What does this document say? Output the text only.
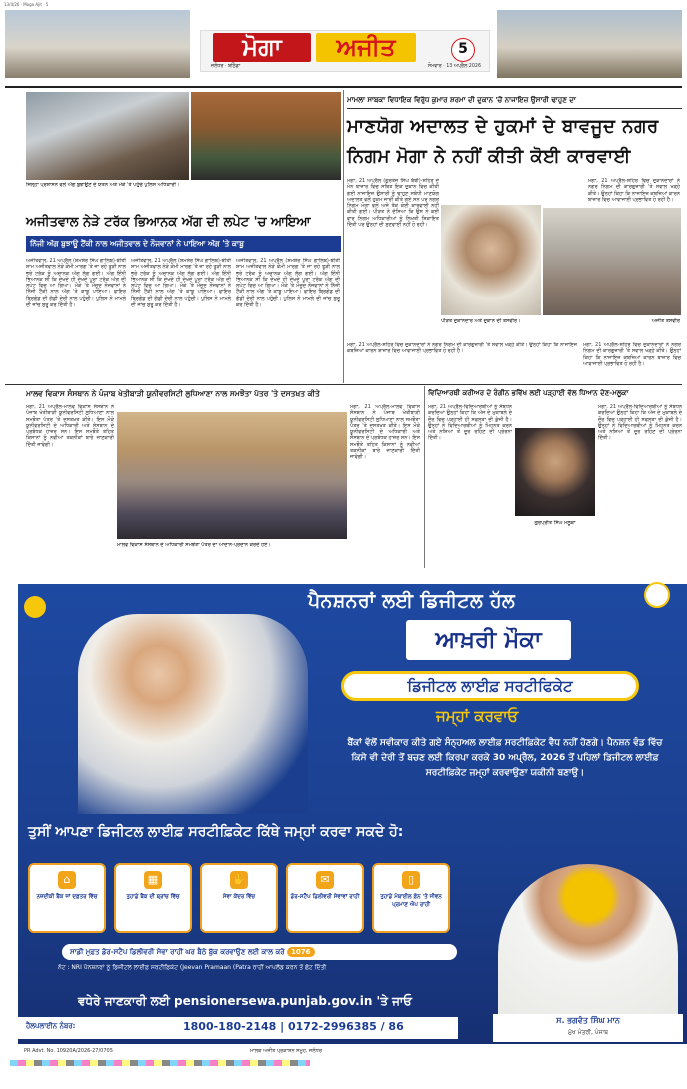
13/4/26 · Moga Ajit · 5
ਮੋਗਾ	ਅਜੀਤ	5
ਜਲੰਧਰ · ਬਠਿੰਡਾ	ਸੋਮਵਾਰ · 13 ਅਪ੍ਰੈਲ 2026
ਜ਼ਿਲ੍ਹਾ ਪ੍ਰਸ਼ਾਸਨ ਵਲੋਂ ਅੱਗ ਬੁਝਾਉਣ ਦੇ ਯਤਨ ਅਤੇ ਮੌਕੇ 'ਤੇ ਪਹੁੰਚੇ ਪੁਲਿਸ ਅਧਿਕਾਰੀ।
ਮਾਮਲਾ ਸਾਬਕਾ ਵਿਧਾਇਕ ਵਿਰੁੱਧ ਕੁਮਾਰ ਸ਼ਰਮਾ ਦੀ ਦੁਕਾਨ 'ਚੋਂ ਨਾਜਾਇਜ਼ ਉਸਾਰੀ ਢਾਹੁਣ ਦਾ
ਮਾਣਯੋਗ ਅਦਾਲਤ ਦੇ ਹੁਕਮਾਂ ਦੇ ਬਾਵਜੂਦ ਨਗਰ
ਨਿਗਮ ਮੋਗਾ ਨੇ ਨਹੀਂ ਕੀਤੀ ਕੋਈ ਕਾਰਵਾਈ
ਮੋਗਾ, 21 ਅਪ੍ਰੈਲ (ਗੁਰਤੇਜ ਸਿੰਘ ਬੱਬੀ)-ਸ਼ਹਿਰ ਦੇ ਮੇਨ ਬਾਜ਼ਾਰ ਵਿਚ ਸਥਿਤ ਇਕ ਦੁਕਾਨ ਵਿਚ ਕੀਤੀ ਗਈ ਨਾਜਾਇਜ਼ ਉਸਾਰੀ ਨੂੰ ਢਾਹੁਣ ਸਬੰਧੀ ਮਾਣਯੋਗ ਅਦਾਲਤ ਵਲੋਂ ਹੁਕਮ ਜਾਰੀ ਕੀਤੇ ਗਏ ਸਨ ਪਰ ਨਗਰ ਨਿਗਮ ਮੋਗਾ ਵਲੋਂ ਅਜੇ ਤੱਕ ਕੋਈ ਕਾਰਵਾਈ ਨਹੀਂ ਕੀਤੀ ਗਈ। ਪੀੜਤ ਨੇ ਦੱਸਿਆ ਕਿ ਉਸ ਨੇ ਕਈ ਵਾਰ ਨਿਗਮ ਅਧਿਕਾਰੀਆਂ ਨੂੰ ਲਿਖਤੀ ਸ਼ਿਕਾਇਤ ਦਿੱਤੀ ਪਰ ਉਨ੍ਹਾਂ ਦੀ ਸੁਣਵਾਈ ਨਹੀਂ ਹੋ ਰਹੀ।
ਮੋਗਾ, 21 ਅਪ੍ਰੈਲ-ਸ਼ਹਿਰ ਵਿਚ ਦੁਕਾਨਦਾਰਾਂ ਨੇ ਨਗਰ ਨਿਗਮ ਦੀ ਕਾਰਗੁਜ਼ਾਰੀ 'ਤੇ ਸਵਾਲ ਖੜ੍ਹੇ ਕੀਤੇ। ਉਨ੍ਹਾਂ ਕਿਹਾ ਕਿ ਨਾਜਾਇਜ਼ ਕਬਜ਼ਿਆਂ ਕਾਰਨ ਬਾਜ਼ਾਰ ਵਿਚ ਆਵਾਜਾਈ ਪ੍ਰਭਾਵਿਤ ਹੋ ਰਹੀ ਹੈ।
ਪੀੜਤ ਦੁਕਾਨਦਾਰ ਅਤੇ ਦੁਕਾਨ ਦੀ ਤਸਵੀਰ।	ਅਜੀਤ ਤਸਵੀਰ
ਅਜੀਤਵਾਲ ਨੇੜੇ ਟਰੱਕ ਭਿਆਨਕ ਅੱਗ ਦੀ ਲਪੇਟ 'ਚ ਆਇਆ
ਨਿੱਜੀ ਅੱਗ ਬੁਝਾਊ ਟੈਂਕੀ ਨਾਲ ਅਜੀਤਵਾਲ ਦੇ ਨੌਜਵਾਨਾਂ ਨੇ ਪਾਇਆ ਅੱਗ 'ਤੇ ਕਾਬੂ
ਅਜੀਤਵਾਲ, 21 ਅਪ੍ਰੈਲ (ਸ਼ਮਸ਼ੇਰ ਸਿੰਘ ਗਾਲਿਬ)-ਬੀਤੀ ਸ਼ਾਮ ਅਜੀਤਵਾਲ ਨੇੜੇ ਕੌਮੀ ਮਾਰਗ 'ਤੇ ਜਾ ਰਹੇ ਤੂੜੀ ਨਾਲ ਭਰੇ ਟਰੱਕ ਨੂੰ ਅਚਾਨਕ ਅੱਗ ਲੱਗ ਗਈ। ਅੱਗ ਇੰਨੀ ਭਿਆਨਕ ਸੀ ਕਿ ਦੇਖਦੇ ਹੀ ਦੇਖਦੇ ਪੂਰਾ ਟਰੱਕ ਅੱਗ ਦੀ ਲਪੇਟ ਵਿਚ ਆ ਗਿਆ। ਮੌਕੇ 'ਤੇ ਮੌਜੂਦ ਨੌਜਵਾਨਾਂ ਨੇ ਨਿੱਜੀ ਟੈਂਕੀ ਨਾਲ ਅੱਗ 'ਤੇ ਕਾਬੂ ਪਾਇਆ। ਫਾਇਰ ਬ੍ਰਿਗੇਡ ਦੀ ਗੱਡੀ ਦੇਰੀ ਨਾਲ ਪਹੁੰਚੀ। ਪੁਲਿਸ ਨੇ ਮਾਮਲੇ ਦੀ ਜਾਂਚ ਸ਼ੁਰੂ ਕਰ ਦਿੱਤੀ ਹੈ।
ਅਜੀਤਵਾਲ, 21 ਅਪ੍ਰੈਲ (ਸ਼ਮਸ਼ੇਰ ਸਿੰਘ ਗਾਲਿਬ)-ਬੀਤੀ ਸ਼ਾਮ ਅਜੀਤਵਾਲ ਨੇੜੇ ਕੌਮੀ ਮਾਰਗ 'ਤੇ ਜਾ ਰਹੇ ਤੂੜੀ ਨਾਲ ਭਰੇ ਟਰੱਕ ਨੂੰ ਅਚਾਨਕ ਅੱਗ ਲੱਗ ਗਈ। ਅੱਗ ਇੰਨੀ ਭਿਆਨਕ ਸੀ ਕਿ ਦੇਖਦੇ ਹੀ ਦੇਖਦੇ ਪੂਰਾ ਟਰੱਕ ਅੱਗ ਦੀ ਲਪੇਟ ਵਿਚ ਆ ਗਿਆ। ਮੌਕੇ 'ਤੇ ਮੌਜੂਦ ਨੌਜਵਾਨਾਂ ਨੇ ਨਿੱਜੀ ਟੈਂਕੀ ਨਾਲ ਅੱਗ 'ਤੇ ਕਾਬੂ ਪਾਇਆ। ਫਾਇਰ ਬ੍ਰਿਗੇਡ ਦੀ ਗੱਡੀ ਦੇਰੀ ਨਾਲ ਪਹੁੰਚੀ। ਪੁਲਿਸ ਨੇ ਮਾਮਲੇ ਦੀ ਜਾਂਚ ਸ਼ੁਰੂ ਕਰ ਦਿੱਤੀ ਹੈ।
ਅਜੀਤਵਾਲ, 21 ਅਪ੍ਰੈਲ (ਸ਼ਮਸ਼ੇਰ ਸਿੰਘ ਗਾਲਿਬ)-ਬੀਤੀ ਸ਼ਾਮ ਅਜੀਤਵਾਲ ਨੇੜੇ ਕੌਮੀ ਮਾਰਗ 'ਤੇ ਜਾ ਰਹੇ ਤੂੜੀ ਨਾਲ ਭਰੇ ਟਰੱਕ ਨੂੰ ਅਚਾਨਕ ਅੱਗ ਲੱਗ ਗਈ। ਅੱਗ ਇੰਨੀ ਭਿਆਨਕ ਸੀ ਕਿ ਦੇਖਦੇ ਹੀ ਦੇਖਦੇ ਪੂਰਾ ਟਰੱਕ ਅੱਗ ਦੀ ਲਪੇਟ ਵਿਚ ਆ ਗਿਆ। ਮੌਕੇ 'ਤੇ ਮੌਜੂਦ ਨੌਜਵਾਨਾਂ ਨੇ ਨਿੱਜੀ ਟੈਂਕੀ ਨਾਲ ਅੱਗ 'ਤੇ ਕਾਬੂ ਪਾਇਆ। ਫਾਇਰ ਬ੍ਰਿਗੇਡ ਦੀ ਗੱਡੀ ਦੇਰੀ ਨਾਲ ਪਹੁੰਚੀ। ਪੁਲਿਸ ਨੇ ਮਾਮਲੇ ਦੀ ਜਾਂਚ ਸ਼ੁਰੂ ਕਰ ਦਿੱਤੀ ਹੈ।
ਮੋਗਾ, 21 ਅਪ੍ਰੈਲ-ਸ਼ਹਿਰ ਵਿਚ ਦੁਕਾਨਦਾਰਾਂ ਨੇ ਨਗਰ ਨਿਗਮ ਦੀ ਕਾਰਗੁਜ਼ਾਰੀ 'ਤੇ ਸਵਾਲ ਖੜ੍ਹੇ ਕੀਤੇ। ਉਨ੍ਹਾਂ ਕਿਹਾ ਕਿ ਨਾਜਾਇਜ਼ ਕਬਜ਼ਿਆਂ ਕਾਰਨ ਬਾਜ਼ਾਰ ਵਿਚ ਆਵਾਜਾਈ ਪ੍ਰਭਾਵਿਤ ਹੋ ਰਹੀ ਹੈ।
ਮੋਗਾ, 21 ਅਪ੍ਰੈਲ-ਸ਼ਹਿਰ ਵਿਚ ਦੁਕਾਨਦਾਰਾਂ ਨੇ ਨਗਰ ਨਿਗਮ ਦੀ ਕਾਰਗੁਜ਼ਾਰੀ 'ਤੇ ਸਵਾਲ ਖੜ੍ਹੇ ਕੀਤੇ। ਉਨ੍ਹਾਂ ਕਿਹਾ ਕਿ ਨਾਜਾਇਜ਼ ਕਬਜ਼ਿਆਂ ਕਾਰਨ ਬਾਜ਼ਾਰ ਵਿਚ ਆਵਾਜਾਈ ਪ੍ਰਭਾਵਿਤ ਹੋ ਰਹੀ ਹੈ।
ਮਾਲਵ ਵਿਕਾਸ ਸੰਸਥਾਨ ਨੇ ਪੰਜਾਬ ਖੇਤੀਬਾੜੀ ਯੂਨੀਵਰਸਿਟੀ ਲੁਧਿਆਣਾ ਨਾਲ ਸਮਝੌਤਾ ਪੱਤਰ 'ਤੇ ਦਸਤਖ਼ਤ ਕੀਤੇ
ਮੋਗਾ, 21 ਅਪ੍ਰੈਲ-ਮਾਲਵ ਵਿਕਾਸ ਸੰਸਥਾਨ ਨੇ ਪੰਜਾਬ ਖੇਤੀਬਾੜੀ ਯੂਨੀਵਰਸਿਟੀ ਲੁਧਿਆਣਾ ਨਾਲ ਸਮਝੌਤਾ ਪੱਤਰ 'ਤੇ ਦਸਤਖ਼ਤ ਕੀਤੇ। ਇਸ ਮੌਕੇ ਯੂਨੀਵਰਸਿਟੀ ਦੇ ਅਧਿਕਾਰੀ ਅਤੇ ਸੰਸਥਾਨ ਦੇ ਪ੍ਰਬੰਧਕ ਹਾਜ਼ਰ ਸਨ। ਇਸ ਸਮਝੌਤੇ ਤਹਿਤ ਕਿਸਾਨਾਂ ਨੂੰ ਨਵੀਆਂ ਤਕਨੀਕਾਂ ਬਾਰੇ ਜਾਣਕਾਰੀ ਦਿੱਤੀ ਜਾਵੇਗੀ।
ਮੋਗਾ, 21 ਅਪ੍ਰੈਲ-ਮਾਲਵ ਵਿਕਾਸ ਸੰਸਥਾਨ ਨੇ ਪੰਜਾਬ ਖੇਤੀਬਾੜੀ ਯੂਨੀਵਰਸਿਟੀ ਲੁਧਿਆਣਾ ਨਾਲ ਸਮਝੌਤਾ ਪੱਤਰ 'ਤੇ ਦਸਤਖ਼ਤ ਕੀਤੇ। ਇਸ ਮੌਕੇ ਯੂਨੀਵਰਸਿਟੀ ਦੇ ਅਧਿਕਾਰੀ ਅਤੇ ਸੰਸਥਾਨ ਦੇ ਪ੍ਰਬੰਧਕ ਹਾਜ਼ਰ ਸਨ। ਇਸ ਸਮਝੌਤੇ ਤਹਿਤ ਕਿਸਾਨਾਂ ਨੂੰ ਨਵੀਆਂ ਤਕਨੀਕਾਂ ਬਾਰੇ ਜਾਣਕਾਰੀ ਦਿੱਤੀ ਜਾਵੇਗੀ।
ਮਾਲਵ ਵਿਕਾਸ ਸੰਸਥਾਨ ਦੇ ਅਧਿਕਾਰੀ ਸਮਝੌਤਾ ਪੱਤਰ ਦਾ ਆਦਾਨ-ਪ੍ਰਦਾਨ ਕਰਦੇ ਹੋਏ।
ਵਿਦਿਆਰਥੀ ਕਰੀਅਰ ਦੇ ਰੰਗੀਨ ਭਵਿੱਖ ਲਈ ਪੜ੍ਹਾਈ ਵੱਲ ਧਿਆਨ ਦੇਣ-ਮਲੂਕਾ
ਮੋਗਾ, 21 ਅਪ੍ਰੈਲ-ਵਿਦਿਆਰਥੀਆਂ ਨੂੰ ਸੰਬੋਧਨ ਕਰਦਿਆਂ ਉਨ੍ਹਾਂ ਕਿਹਾ ਕਿ ਅੱਜ ਦੇ ਮੁਕਾਬਲੇ ਦੇ ਦੌਰ ਵਿਚ ਪੜ੍ਹਾਈ ਹੀ ਸਫਲਤਾ ਦੀ ਕੁੰਜੀ ਹੈ। ਉਨ੍ਹਾਂ ਨੇ ਵਿਦਿਆਰਥੀਆਂ ਨੂੰ ਮਿਹਨਤ ਕਰਨ ਅਤੇ ਨਸ਼ਿਆਂ ਤੋਂ ਦੂਰ ਰਹਿਣ ਦੀ ਪ੍ਰੇਰਨਾ ਦਿੱਤੀ।
ਗੁਰਪ੍ਰੀਤ ਸਿੰਘ ਮਲੂਕਾ
ਮੋਗਾ, 21 ਅਪ੍ਰੈਲ-ਵਿਦਿਆਰਥੀਆਂ ਨੂੰ ਸੰਬੋਧਨ ਕਰਦਿਆਂ ਉਨ੍ਹਾਂ ਕਿਹਾ ਕਿ ਅੱਜ ਦੇ ਮੁਕਾਬਲੇ ਦੇ ਦੌਰ ਵਿਚ ਪੜ੍ਹਾਈ ਹੀ ਸਫਲਤਾ ਦੀ ਕੁੰਜੀ ਹੈ। ਉਨ੍ਹਾਂ ਨੇ ਵਿਦਿਆਰਥੀਆਂ ਨੂੰ ਮਿਹਨਤ ਕਰਨ ਅਤੇ ਨਸ਼ਿਆਂ ਤੋਂ ਦੂਰ ਰਹਿਣ ਦੀ ਪ੍ਰੇਰਨਾ ਦਿੱਤੀ।
ਪੈਨਸ਼ਨਰਾਂ ਲਈ ਡਿਜੀਟਲ ਹੱਲ
ਆਖ਼ਰੀ ਮੌਕਾ
ਡਿਜੀਟਲ ਲਾਈਫ਼ ਸਰਟੀਫਿਕੇਟ
ਜਮ੍ਹਾਂ ਕਰਵਾਓ
ਬੈਂਕਾਂ ਵੱਲੋਂ ਸਵੀਕਾਰ ਕੀਤੇ ਗਏ ਸੰਨ੍ਹਅਲ ਲਾਈਫ਼ ਸਰਟੀਫ਼ਿਕੇਟ ਵੈਧ ਨਹੀਂ ਹੋਣਗੇ। ਪੈਨਸ਼ਨ ਵੰਡ ਵਿੱਚ ਕਿਸੇ ਵੀ ਦੇਰੀ ਤੋਂ ਬਚਣ ਲਈ ਕਿਰਪਾ ਕਰਕੇ 30 ਅਪ੍ਰੈਲ, 2026 ਤੋਂ ਪਹਿਲਾਂ ਡਿਜੀਟਲ ਲਾਈਫ਼ ਸਰਟੀਫ਼ਿਕੇਟ ਜਮ੍ਹਾਂ ਕਰਵਾਉਣਾ ਯਕੀਨੀ ਬਣਾਉ।
ਤੁਸੀਂ ਆਪਣਾ ਡਿਜੀਟਲ ਲਾਈਫ਼ ਸਰਟੀਫ਼ਿਕੇਟ ਕਿੱਥੇ ਜਮ੍ਹਾਂ ਕਰਵਾ ਸਕਦੇ ਹੋ:
⌂
ਨਜ਼ਦੀਕੀ ਬੈਂਕ ਜਾਂ ਦਫ਼ਤਰ ਵਿੱਚ
▦
ਤੁਹਾਡੇ ਬੈਂਕ ਦੀ ਬ੍ਰਾਂਚ ਵਿੱਚ
✋
ਸੇਵਾ ਕੇਂਦਰ ਵਿੱਚ
✉
ਡੋਰ-ਸਟੈਪ ਡਿਲੀਵਰੀ ਸੇਵਾਵਾਂ ਰਾਹੀਂ
▯
ਤੁਹਾਡੇ ਮੋਬਾਈਲ ਫ਼ੋਨ 'ਤੇ ਜੀਵਨ ਪ੍ਰਮਾਣ ਐਪ ਰਾਹੀਂ
ਸਾਡੀ ਮੁਫ਼ਤ ਡੋਰ-ਸਟੈਪ ਡਿਲੀਵਰੀ ਸੇਵਾ ਰਾਹੀਂ ਘਰ ਬੈਠੇ ਬੁੱਕ ਕਰਵਾਉਣ ਲਈ ਕਾਲ ਕਰੋ 1076
ਨੋਟ : NRI ਪੈਨਸ਼ਨਰਾਂ ਨੂੰ ਡਿਜੀਟਲ ਲਾਈਫ਼ ਸਰਟੀਫ਼ਿਕੇਟ (Jeevan Pramaan (Patra ਰਾਹੀਂ ਆਪਲੋਡ ਕਰਨ ਤੋਂ ਛੋਟ ਦਿੱਤੀ
ਵਧੇਰੇ ਜਾਣਕਾਰੀ ਲਈ pensionersewa.punjab.gov.in 'ਤੇ ਜਾਓ
ਹੈਲਪਲਾਈਨ ਨੰਬਰ:	1800-180-2148 | 0172-2996385 / 86	ਸ. ਭਗਵੰਤ ਸਿੰਘ ਮਾਨ
ਮੁੱਖ ਮੰਤਰੀ, ਪੰਜਾਬ
PR Advt. No. 10920A/2026-27/0705	ਮਾਲਕ ਅਜੀਤ ਪ੍ਰਕਾਸ਼ਨ ਸਮੂਹ, ਜਲੰਧਰ
